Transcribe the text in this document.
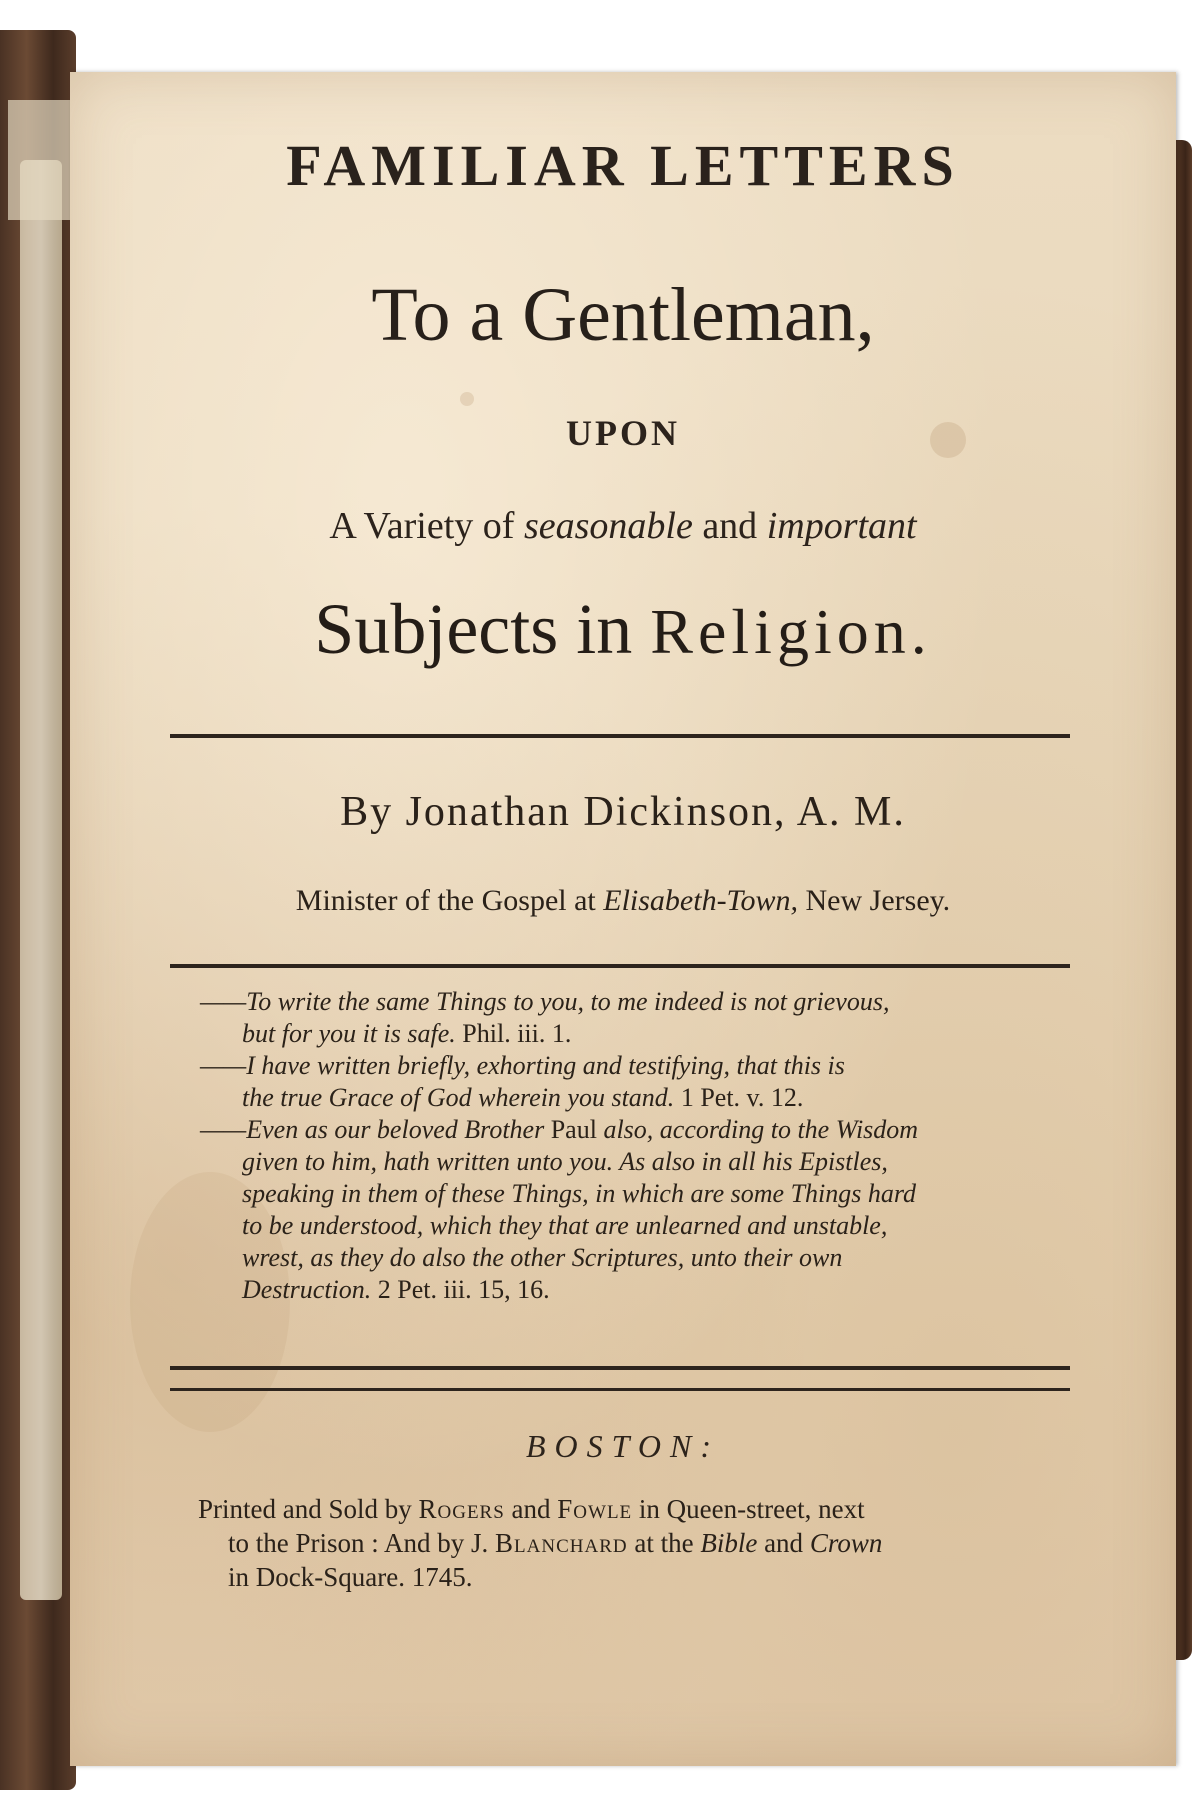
FAMILIAR LETTERS
To a Gentleman,
UPON
A Variety of seasonable and important
Subjects in Religion.
By Jonathan Dickinson, A. M.
Minister of the Gospel at Elisabeth-Town, New Jersey.

——To write the same Things to you, to me indeed is not grievous,

but for you it is safe. Phil. iii. 1.

——I have written briefly, exhorting and testifying, that this is

the true Grace of God wherein you stand. 1 Pet. v. 12.

——Even as our beloved Brother Paul also, according to the Wisdom

given to him, hath written unto you. As also in all his Epistles,

speaking in them of these Things, in which are some Things hard

to be understood, which they that are unlearned and unstable,

wrest, as they do also the other Scriptures, unto their own

Destruction. 2 Pet. iii. 15, 16.

BOSTON:

Printed and Sold by Rogers and Fowle in Queen-street, next

to the Prison : And by J. Blanchard at the Bible and Crown

in Dock-Square. 1745.
